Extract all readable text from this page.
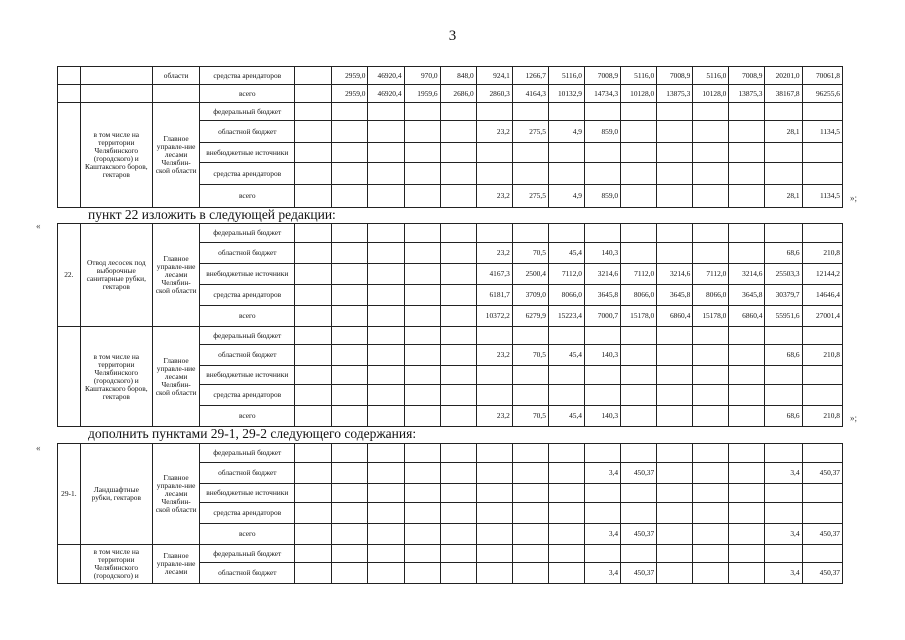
3
		области	средства арендаторов		2959,0	46920,4	970,0	848,0	924,1	1266,7	5116,0	7008,9	5116,0	7008,9	5116,0	7008,9	20201,0	70061,8
			всего		2959,0	46920,4	1959,6	2686,0	2860,3	4164,3	10132,9	14734,3	10128,0	13875,3	10128,0	13875,3	38167,8	96255,6
	в том числе на территории Челябинского (городского) и Каштакского боров, гектаров	Главное управле-ние лесами Челябин-ской области	федеральный бюджет															
			областной бюджет						23,2	275,5	4,9	859,0					28,1	1134,5
			внебюджетные источники															
			средства арендаторов															
			всего						23,2	275,5	4,9	859,0					28,1	1134,5
пункт 22 изложить в следующей редакции:
22.	Отвод лесосек под выборочные санитарные рубки, гектаров	Главное управле-ние лесами Челябин-ской области	федеральный бюджет															
			областной бюджет						23,2	70,5	45,4	140,3					68,6	210,8
			внебюджетные источники						4167,3	2500,4	7112,0	3214,6	7112,0	3214,6	7112,0	3214,6	25503,3	12144,2
			средства арендаторов						6181,7	3709,0	8066,0	3645,8	8066,0	3645,8	8066,0	3645,8	30379,7	14646,4
			всего						10372,2	6279,9	15223,4	7000,7	15178,0	6860,4	15178,0	6860,4	55951,6	27001,4
	в том числе на территории Челябинского (городского) и Каштакского боров, гектаров	Главное управле-ние лесами Челябин-ской области	федеральный бюджет															
			областной бюджет						23,2	70,5	45,4	140,3					68,6	210,8
			внебюджетные источники															
			средства арендаторов															
			всего						23,2	70,5	45,4	140,3					68,6	210,8
дополнить пунктами 29-1, 29-2 следующего содержания:
29-1.	Ландшафтные рубки, гектаров	Главное управле-ние лесами Челябин-ской области	федеральный бюджет															
			областной бюджет									3,4	450,37				3,4	450,37
			внебюджетные источники															
			средства арендаторов															
			всего									3,4	450,37				3,4	450,37
	в том числе на территории Челябинского (городского) и	Главное управле-ние лесами	федеральный бюджет															
			областной бюджет									3,4	450,37				3,4	450,37
«
«
»;
»;
